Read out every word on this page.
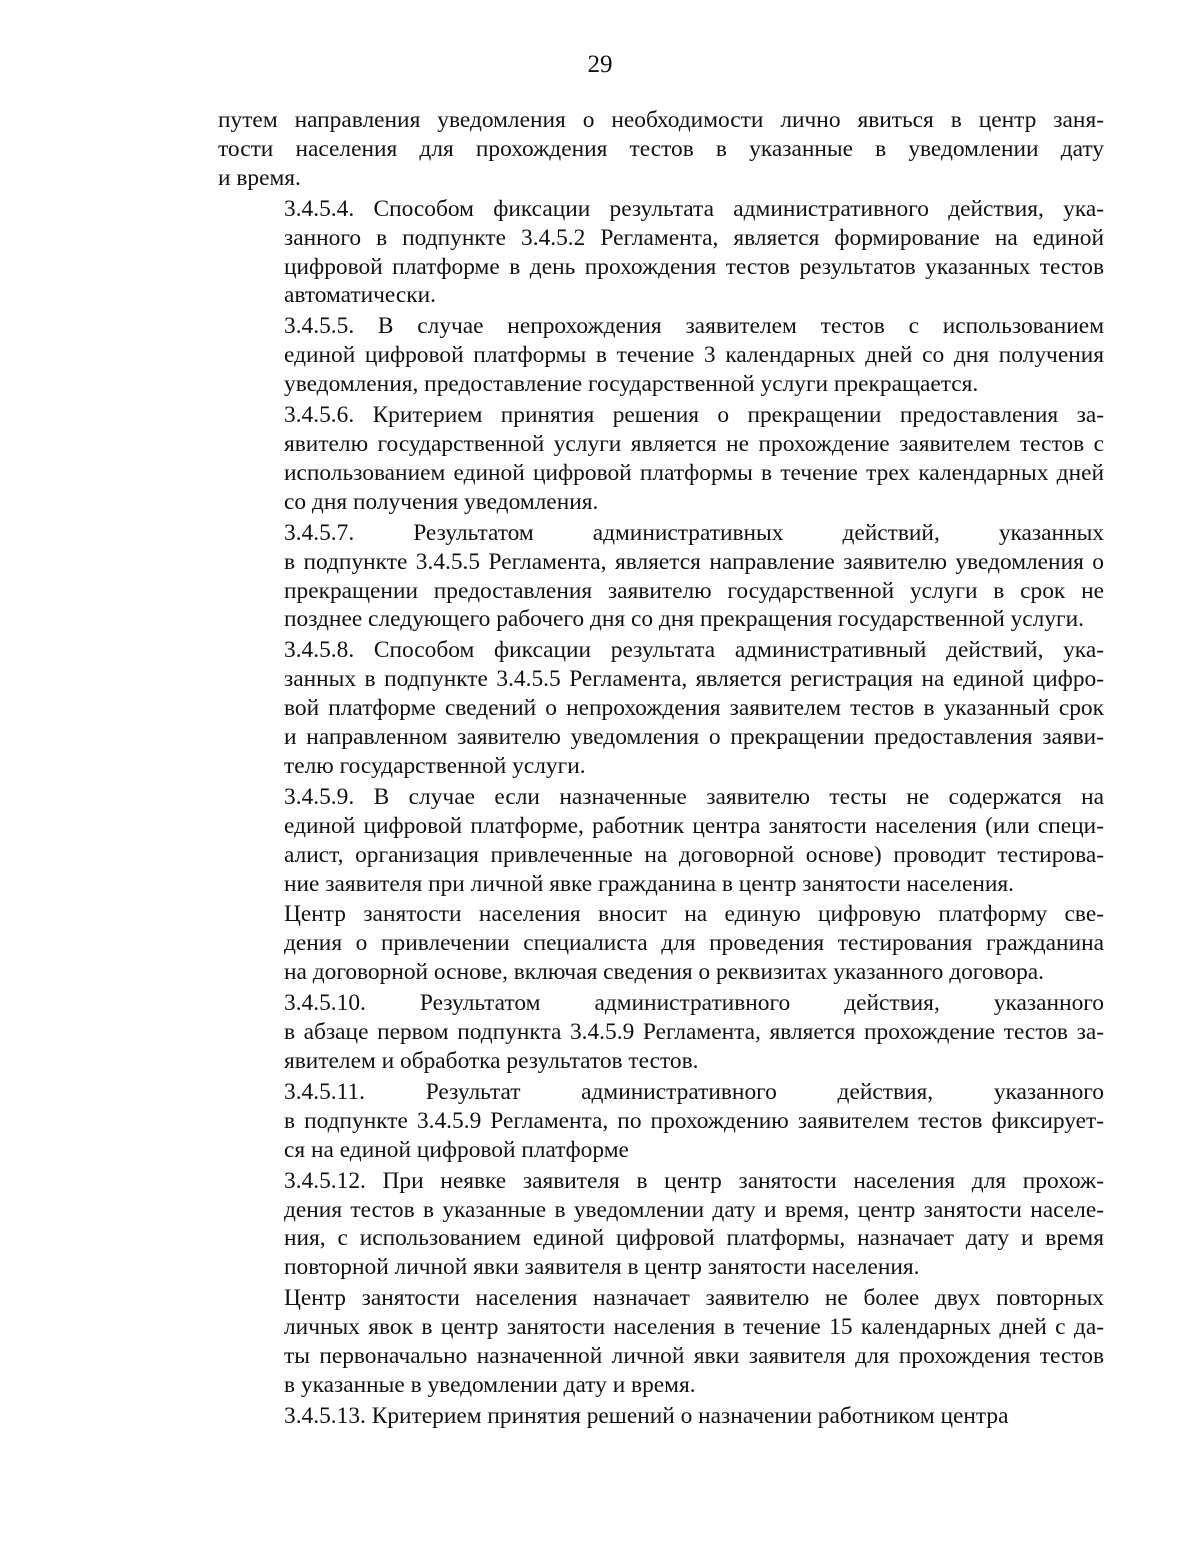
29

путем направления уведомления о необходимости лично явиться в центр заня-
тости населения для прохождения тестов в указанные в уведомлении дату
и время.

3.4.5.4. Способом фиксации результата административного действия, ука-
занного в подпункте 3.4.5.2 Регламента, является формирование на единой
цифровой платформе в день прохождения тестов результатов указанных тестов
автоматически.

3.4.5.5. В случае непрохождения заявителем тестов с использованием
единой цифровой платформы в течение 3 календарных дней со дня получения
уведомления, предоставление государственной услуги прекращается.

3.4.5.6. Критерием принятия решения о прекращении предоставления за-
явителю государственной услуги является не прохождение заявителем тестов с
использованием единой цифровой платформы в течение трех календарных дней
со дня получения уведомления.

3.4.5.7. Результатом административных действий, указанных
в подпункте 3.4.5.5 Регламента, является направление заявителю уведомления о
прекращении предоставления заявителю государственной услуги в срок не
позднее следующего рабочего дня со дня прекращения государственной услуги.

3.4.5.8. Способом фиксации результата административный действий, ука-
занных в подпункте 3.4.5.5 Регламента, является регистрация на единой цифро-
вой платформе сведений о непрохождения заявителем тестов в указанный срок
и направленном заявителю уведомления о прекращении предоставления заяви-
телю государственной услуги.

3.4.5.9. В случае если назначенные заявителю тесты не содержатся на
единой цифровой платформе, работник центра занятости населения (или специ-
алист, организация привлеченные на договорной основе) проводит тестирова-
ние заявителя при личной явке гражданина в центр занятости населения.

Центр занятости населения вносит на единую цифровую платформу све-
дения о привлечении специалиста для проведения тестирования гражданина
на договорной основе, включая сведения о реквизитах указанного договора.

3.4.5.10. Результатом административного действия, указанного
в абзаце первом подпункта 3.4.5.9 Регламента, является прохождение тестов за-
явителем и обработка результатов тестов.

3.4.5.11. Результат административного действия, указанного
в подпункте 3.4.5.9 Регламента, по прохождению заявителем тестов фиксирует-
ся на единой цифровой платформе

3.4.5.12. При неявке заявителя в центр занятости населения для прохож-
дения тестов в указанные в уведомлении дату и время, центр занятости населе-
ния, с использованием единой цифровой платформы, назначает дату и время
повторной личной явки заявителя в центр занятости населения.

Центр занятости населения назначает заявителю не более двух повторных
личных явок в центр занятости населения в течение 15 календарных дней с да-
ты первоначально назначенной личной явки заявителя для прохождения тестов
в указанные в уведомлении дату и время.

3.4.5.13. Критерием принятия решений о назначении работником центра
